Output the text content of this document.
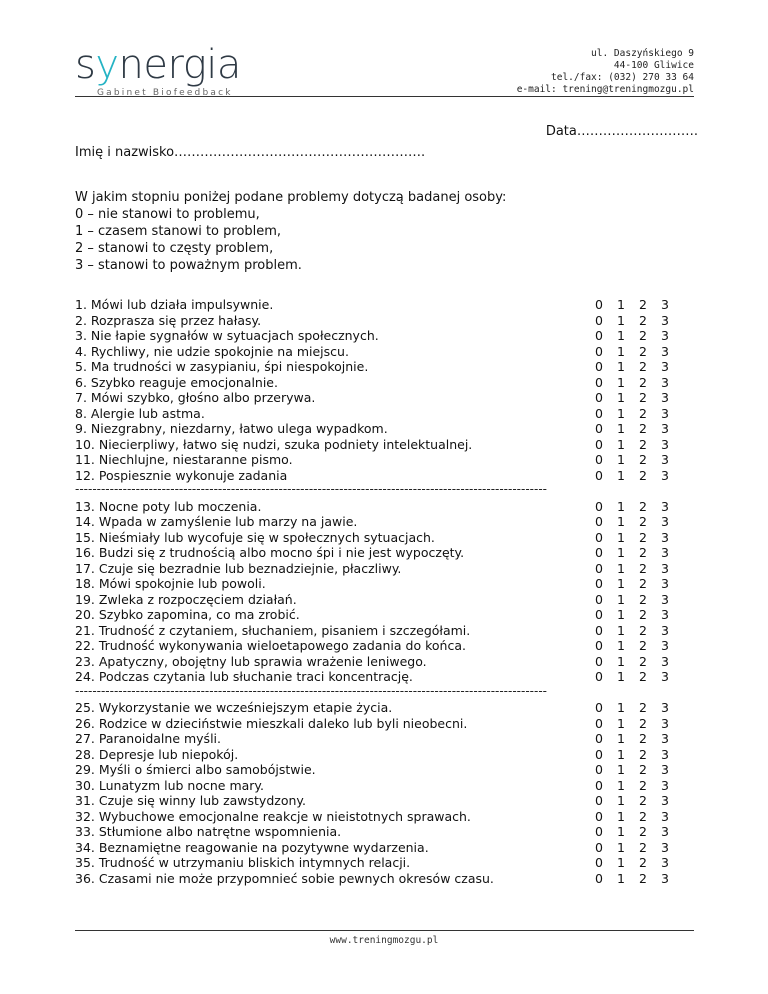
synergia
Gabinet Biofeedback
ul. Daszyńskiego 9
44-100 Gliwice
tel./fax: (032) 270 33 64
e-mail: trening@treningmozgu.pl
Data……………………….
Imię i nazwisko………………………………………………….
W jakim stopniu poniżej podane problemy dotyczą badanej osoby:
0 – nie stanowi to problemu,
1 – czasem stanowi to problem,
2 – stanowi to częsty problem,
3 – stanowi to poważnym problem.
1. Mówi lub działa impulsywnie.	0 1 2 3
2. Rozprasza się przez hałasy.	0 1 2 3
3. Nie łapie sygnałów w sytuacjach społecznych.	0 1 2 3
4. Rychliwy, nie udzie spokojnie na miejscu.	0 1 2 3
5. Ma trudności w zasypianiu, śpi niespokojnie.	0 1 2 3
6. Szybko reaguje emocjonalnie.	0 1 2 3
7. Mówi szybko, głośno albo przerywa.	0 1 2 3
8. Alergie lub astma.	0 1 2 3
9. Niezgrabny, niezdarny, łatwo ulega wypadkom.	0 1 2 3
10. Niecierpliwy, łatwo się nudzi, szuka podniety intelektualnej.	0 1 2 3
11. Niechlujne, niestaranne pismo.	0 1 2 3
12. Pospiesznie wykonuje zadania	0 1 2 3
-------------------------------------------------------------------------------------------------------------
13. Nocne poty lub moczenia.	0 1 2 3
14. Wpada w zamyślenie lub marzy na jawie.	0 1 2 3
15. Nieśmiały lub wycofuje się w społecznych sytuacjach.	0 1 2 3
16. Budzi się z trudnością albo mocno śpi i nie jest wypoczęty.	0 1 2 3
17. Czuje się bezradnie lub beznadziejnie, płaczliwy.	0 1 2 3
18. Mówi spokojnie lub powoli.	0 1 2 3
19. Zwleka z rozpoczęciem działań.	0 1 2 3
20. Szybko zapomina, co ma zrobić.	0 1 2 3
21. Trudność z czytaniem, słuchaniem, pisaniem i szczegółami.	0 1 2 3
22. Trudność wykonywania wieloetapowego zadania do końca.	0 1 2 3
23. Apatyczny, obojętny lub sprawia wrażenie leniwego.	0 1 2 3
24. Podczas czytania lub słuchanie traci koncentrację.	0 1 2 3
-------------------------------------------------------------------------------------------------------------
25. Wykorzystanie we wcześniejszym etapie życia.	0 1 2 3
26. Rodzice w dzieciństwie mieszkali daleko lub byli nieobecni.	0 1 2 3
27. Paranoidalne myśli.	0 1 2 3
28. Depresje lub niepokój.	0 1 2 3
29. Myśli o śmierci albo samobójstwie.	0 1 2 3
30. Lunatyzm lub nocne mary.	0 1 2 3
31. Czuje się winny lub zawstydzony.	0 1 2 3
32. Wybuchowe emocjonalne reakcje w nieistotnych sprawach.	0 1 2 3
33. Stłumione albo natrętne wspomnienia.	0 1 2 3
34. Beznamiętne reagowanie na pozytywne wydarzenia.	0 1 2 3
35. Trudność w utrzymaniu bliskich intymnych relacji.	0 1 2 3
36. Czasami nie może przypomnieć sobie pewnych okresów czasu.	0 1 2 3
www.treningmozgu.pl
